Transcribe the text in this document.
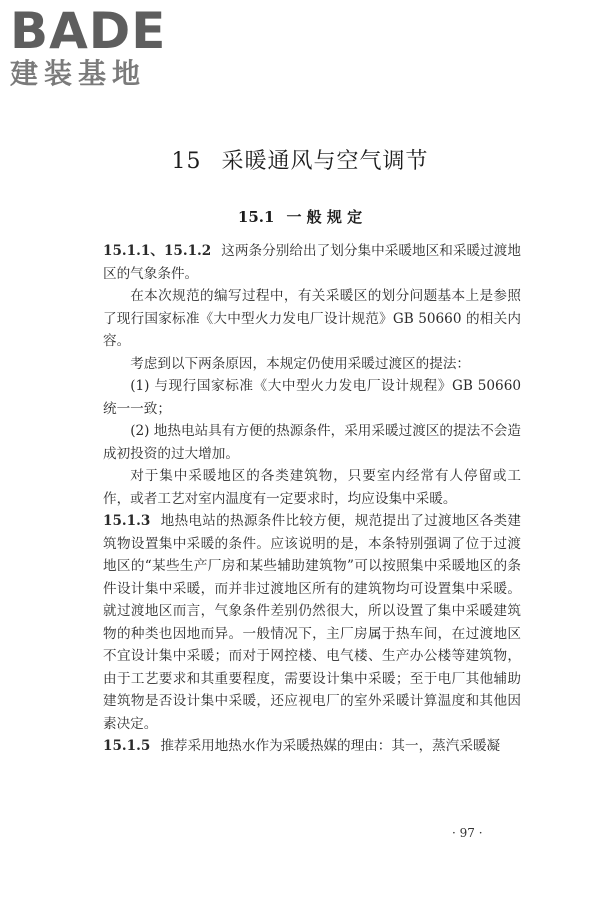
BADE
建装基地
15 采暖通风与空气调节
15.1 一 般 规 定

15.1.1、15.1.2 这两条分别给出了划分集中采暖地区和采暖过渡地区的气象条件。

在本次规范的编写过程中，有关采暖区的划分问题基本上是参照了现行国家标准《大中型火力发电厂设计规范》GB 50660 的相关内容。

考虑到以下两条原因，本规定仍使用采暖过渡区的提法：

(1) 与现行国家标准《大中型火力发电厂设计规程》GB 50660 统一一致；

(2) 地热电站具有方便的热源条件，采用采暖过渡区的提法不会造成初投资的过大增加。

对于集中采暖地区的各类建筑物，只要室内经常有人停留或工作，或者工艺对室内温度有一定要求时，均应设集中采暖。

15.1.3 地热电站的热源条件比较方便，规范提出了过渡地区各类建筑物设置集中采暖的条件。应该说明的是，本条特别强调了位于过渡地区的“某些生产厂房和某些辅助建筑物”可以按照集中采暖地区的条件设计集中采暖，而并非过渡地区所有的建筑物均可设置集中采暖。就过渡地区而言，气象条件差别仍然很大，所以设置了集中采暖建筑物的种类也因地而异。一般情况下，主厂房属于热车间，在过渡地区不宜设计集中采暖；而对于网控楼、电气楼、生产办公楼等建筑物，由于工艺要求和其重要程度，需要设计集中采暖；至于电厂其他辅助建筑物是否设计集中采暖，还应视电厂的室外采暖计算温度和其他因素决定。

15.1.5 推荐采用地热水作为采暖热媒的理由：其一，蒸汽采暖凝

· 97 ·
